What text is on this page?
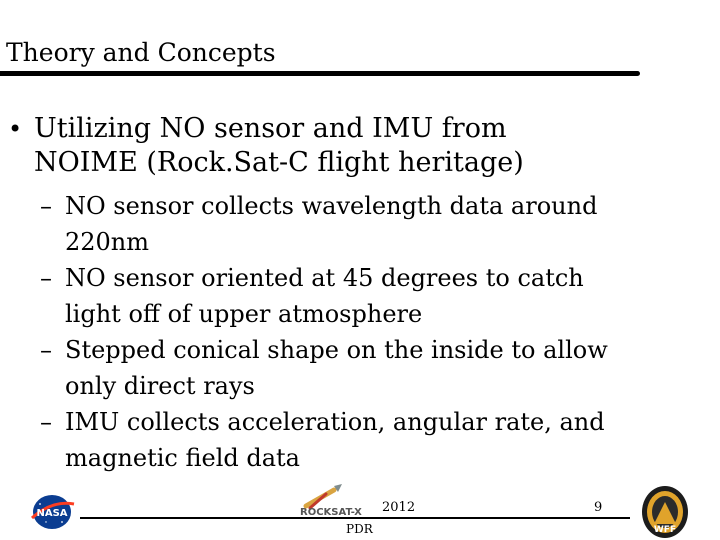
Theory and Concepts
• Utilizing NO sensor and IMU from
NOIME (Rock.Sat-C flight heritage)
– NO sensor collects wavelength data around
220nm
– NO sensor oriented at 45 degrees to catch
light off of upper atmosphere
– Stepped conical shape on the inside to allow
only direct rays
– IMU collects acceleration, angular rate, and
magnetic field data
NASA	ROCKSAT-X 2012
PDR
9
WFF
